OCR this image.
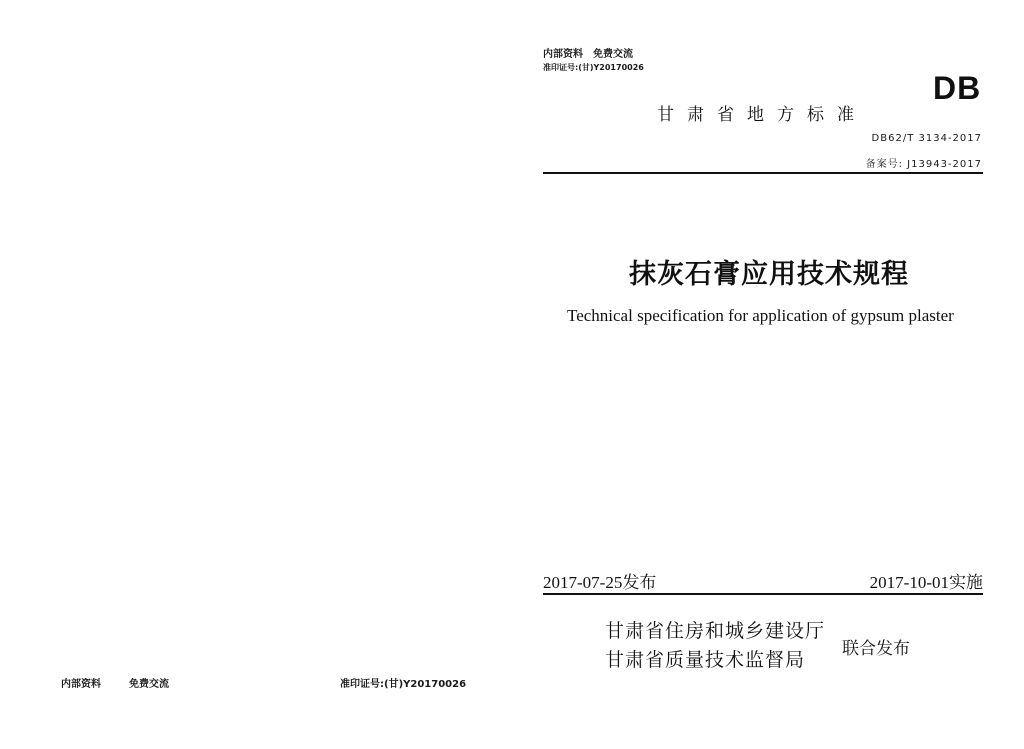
内部资料　免费交流
准印证号:(甘)Y20170026
DB
甘肃省地方标准
DB62/T 3134-2017
备案号: J13943-2017
抹灰石膏应用技术规程
Technical specification for application of gypsum plaster
2017-07-25发布	2017-10-01实施
甘肃省住房和城乡建设厅
甘肃省质量技术监督局 联合发布
内部资料	免费交流	准印证号:(甘)Y20170026
